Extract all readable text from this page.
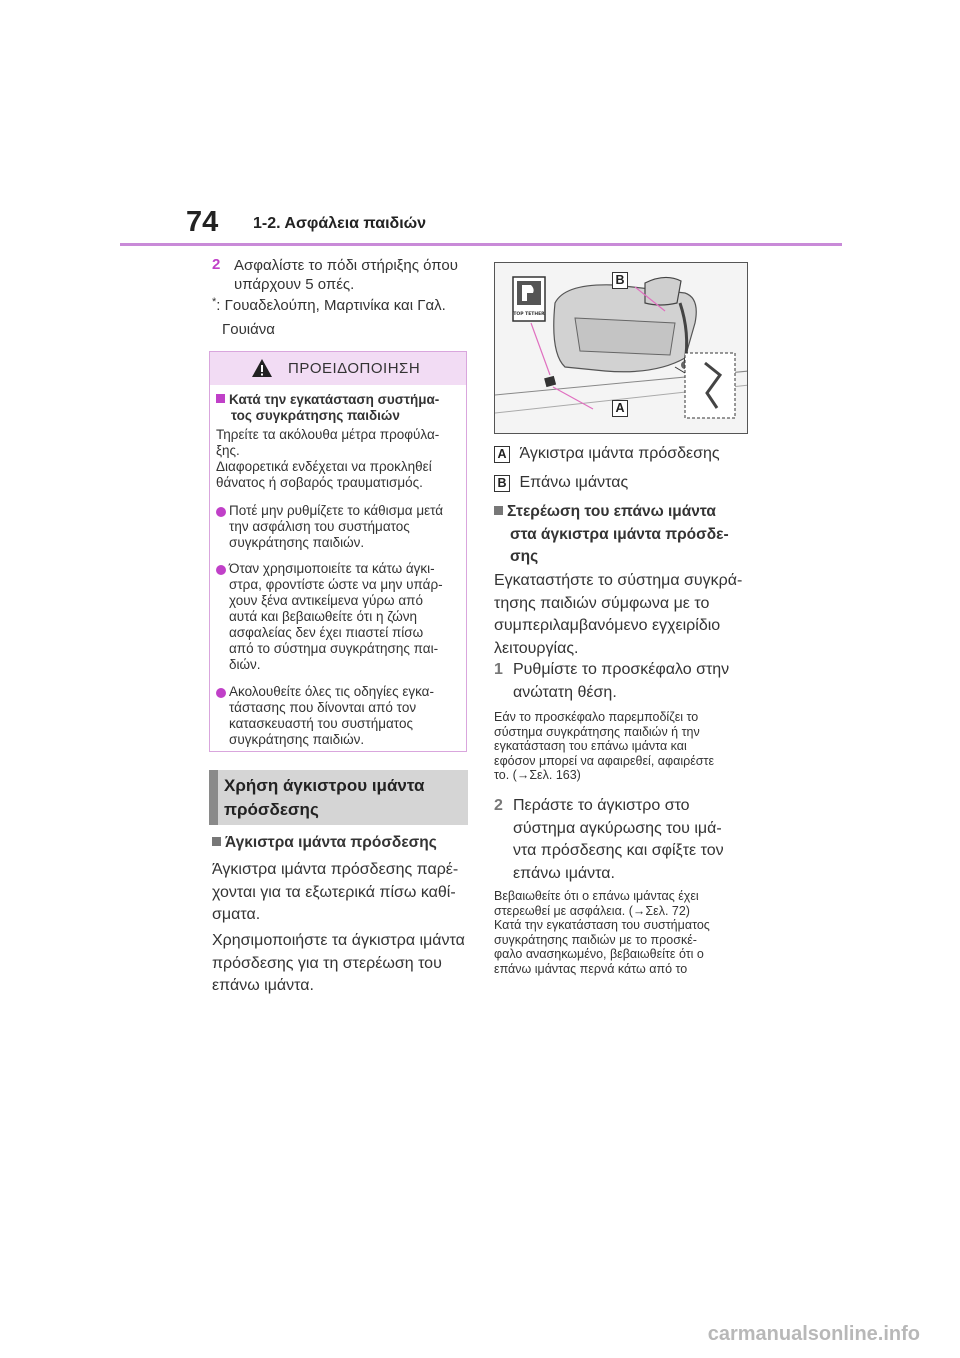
74 1-2. Ασφάλεια παιδιών
2 Ασφαλίστε το πόδι στήριξης όπου
υπάρχουν 5 οπές.
*: Γουαδελούπη, Μαρτινίκα και Γαλ.
Γουιάνα
ΠΡΟΕΙΔΟΠΟΙΗΣΗ
Κατά την εγκατάσταση συστήμα-
τος συγκράτησης παιδιών
Τηρείτε τα ακόλουθα μέτρα προφύλα-
ξης.
Διαφορετικά ενδέχεται να προκληθεί
θάνατος ή σοβαρός τραυματισμός.
Ποτέ μην ρυθμίζετε το κάθισμα μετά
την ασφάλιση του συστήματος
συγκράτησης παιδιών.
Όταν χρησιμοποιείτε τα κάτω άγκι-
στρα, φροντίστε ώστε να μην υπάρ-
χουν ξένα αντικείμενα γύρω από
αυτά και βεβαιωθείτε ότι η ζώνη
ασφαλείας δεν έχει πιαστεί πίσω
από το σύστημα συγκράτησης παι-
διών.
Ακολουθείτε όλες τις οδηγίες εγκα-
τάστασης που δίνονται από τον
κατασκευαστή του συστήματος
συγκράτησης παιδιών.
Χρήση άγκιστρου ιμάντα
πρόσδεσης
Άγκιστρα ιμάντα πρόσδεσης
Άγκιστρα ιμάντα πρόσδεσης παρέ-
χονται για τα εξωτερικά πίσω καθί-
σματα.
Χρησιμοποιήστε τα άγκιστρα ιμάντα
πρόσδεσης για τη στερέωση του
επάνω ιμάντα.
TOP TETHER
A
B
A Άγκιστρα ιμάντα πρόσδεσης
B Επάνω ιμάντας
Στερέωση του επάνω ιμάντα
στα άγκιστρα ιμάντα πρόσδε-
σης
Εγκαταστήστε το σύστημα συγκρά-
τησης παιδιών σύμφωνα με το
συμπεριλαμβανόμενο εγχειρίδιο
λειτουργίας.
1 Ρυθμίστε το προσκέφαλο στην
ανώτατη θέση.
Εάν το προσκέφαλο παρεμποδίζει το
σύστημα συγκράτησης παιδιών ή την
εγκατάσταση του επάνω ιμάντα και
εφόσον μπορεί να αφαιρεθεί, αφαιρέστε
το. (→Σελ. 163)
2 Περάστε το άγκιστρο στο
σύστημα αγκύρωσης του ιμά-
ντα πρόσδεσης και σφίξτε τον
επάνω ιμάντα.
Βεβαιωθείτε ότι ο επάνω ιμάντας έχει
στερεωθεί με ασφάλεια. (→Σελ. 72)
Κατά την εγκατάσταση του συστήματος
συγκράτησης παιδιών με το προσκέ-
φαλο ανασηκωμένο, βεβαιωθείτε ότι ο
επάνω ιμάντας περνά κάτω από το
carmanualsonline.info
